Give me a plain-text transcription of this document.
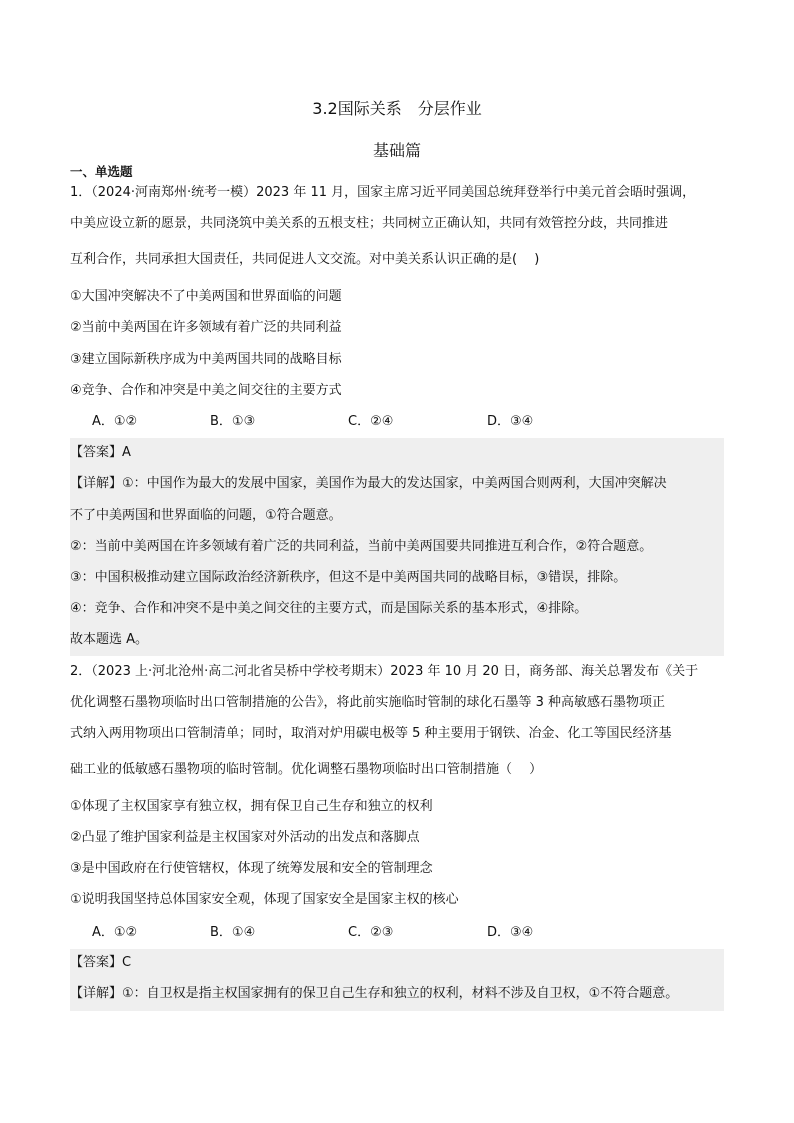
3.2国际关系　分层作业
基础篇
一、单选题
1．（2024·河南郑州·统考一模）2023 年 11 月，国家主席习近平同美国总统拜登举行中美元首会晤时强调，
中美应设立新的愿景，共同浇筑中美关系的五根支柱；共同树立正确认知，共同有效管控分歧，共同推进
互利合作，共同承担大国责任，共同促进人文交流。对中美关系认识正确的是(　 )
①大国冲突解决不了中美两国和世界面临的问题
②当前中美两国在许多领域有着广泛的共同利益
③建立国际新秩序成为中美两国共同的战略目标
④竞争、合作和冲突是中美之间交往的主要方式
A．①②	B．①③	C．②④	D．③④
【答案】A
【详解】①：中国作为最大的发展中国家，美国作为最大的发达国家，中美两国合则两利，大国冲突解决
不了中美两国和世界面临的问题，①符合题意。
②：当前中美两国在许多领域有着广泛的共同利益，当前中美两国要共同推进互利合作，②符合题意。
③：中国积极推动建立国际政治经济新秩序，但这不是中美两国共同的战略目标，③错误，排除。
④：竞争、合作和冲突不是中美之间交往的主要方式，而是国际关系的基本形式，④排除。
故本题选 A。
2．（2023 上·河北沧州·高二河北省吴桥中学校考期末）2023 年 10 月 20 日，商务部、海关总署发布《关于
优化调整石墨物项临时出口管制措施的公告》，将此前实施临时管制的球化石墨等 3 种高敏感石墨物项正
式纳入两用物项出口管制清单；同时，取消对炉用碳电极等 5 种主要用于钢铁、冶金、化工等国民经济基
础工业的低敏感石墨物项的临时管制。优化调整石墨物项临时出口管制措施（　 ）
①体现了主权国家享有独立权，拥有保卫自己生存和独立的权利
②凸显了维护国家利益是主权国家对外活动的出发点和落脚点
③是中国政府在行使管辖权，体现了统筹发展和安全的管制理念
①说明我国坚持总体国家安全观，体现了国家安全是国家主权的核心
A．①②	B．①④	C．②③	D．③④
【答案】C
【详解】①：自卫权是指主权国家拥有的保卫自己生存和独立的权利，材料不涉及自卫权，①不符合题意。
